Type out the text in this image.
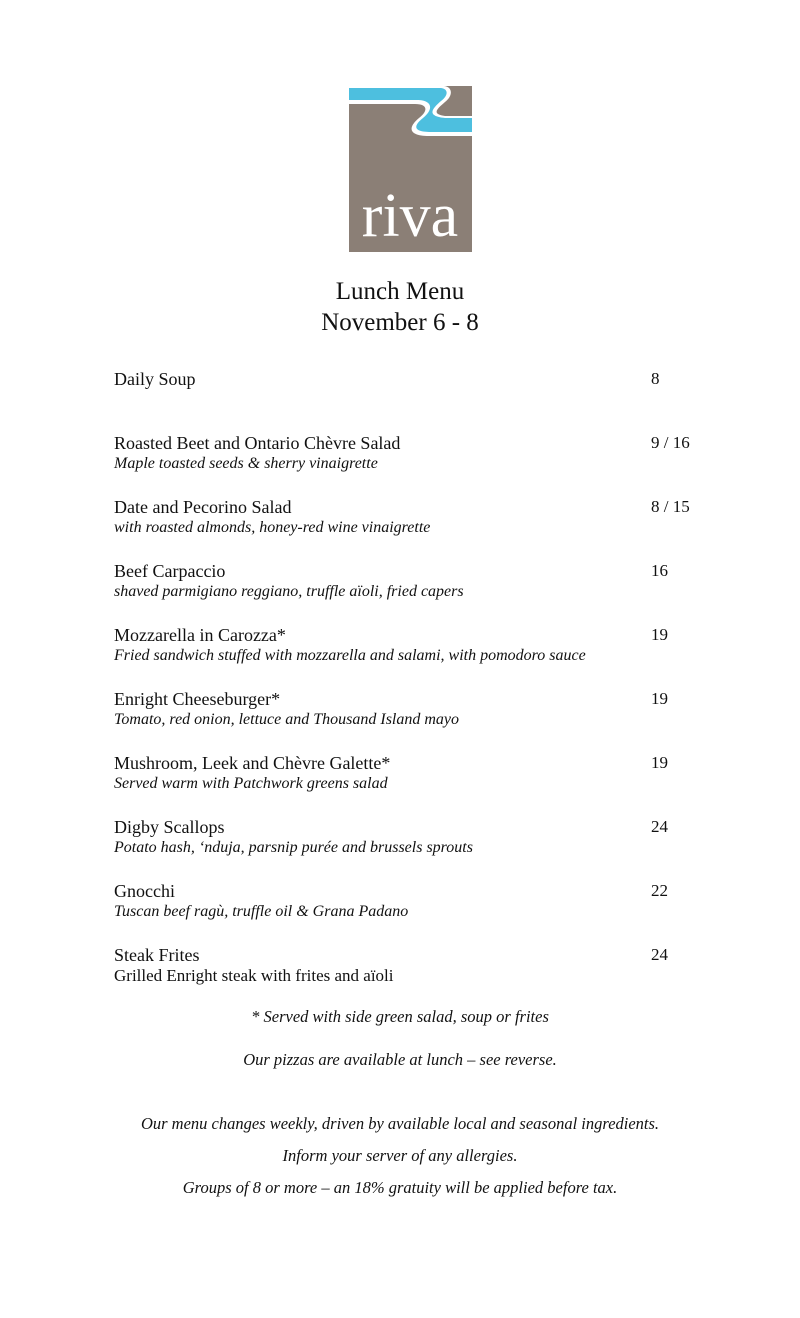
riva
Lunch Menu
November 6 - 8
Daily Soup	8
Roasted Beet and Ontario Chèvre Salad
Maple toasted seeds & sherry vinaigrette
9 / 16
Date and Pecorino Salad
with roasted almonds, honey-red wine vinaigrette
8 / 15
Beef Carpaccio
shaved parmigiano reggiano, truffle aïoli, fried capers
16
Mozzarella in Carozza*
Fried sandwich stuffed with mozzarella and salami, with pomodoro sauce
19
Enright Cheeseburger*
Tomato, red onion, lettuce and Thousand Island mayo
19
Mushroom, Leek and Chèvre Galette*
Served warm with Patchwork greens salad
19
Digby Scallops
Potato hash, ‘nduja, parsnip purée and brussels sprouts
24
Gnocchi
Tuscan beef ragù, truffle oil & Grana Padano
22
Steak Frites
Grilled Enright steak with frites and aïoli
24
* Served with side green salad, soup or frites
Our pizzas are available at lunch – see reverse.
Our menu changes weekly, driven by available local and seasonal ingredients.
Inform your server of any allergies.
Groups of 8 or more – an 18% gratuity will be applied before tax.
